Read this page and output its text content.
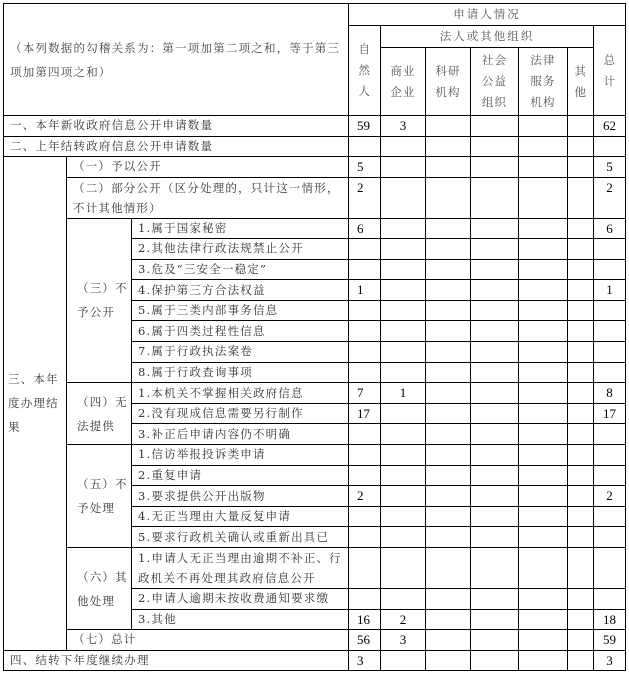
（本列数据的勾稽关系为：第一项加第二项之和，等于第三项加第四项之和）			申请人情况						

			自然人	法人或其他组织					总计

				商业企业	科研机构	社会公益组织	法律服务机构	其他	

一、本年新收政府信息公开申请数量			59	3					62
二、上年结转政府信息公开申请数量									
三、本年度办理结果	（一）予以公开		5						5
	（二）部分公开（区分处理的，只计这一情形，不计其他情形）		2						2
	（三）不予公开	1.属于国家秘密	6						6
		2.其他法律行政法规禁止公开							
		3.危及“三安全一稳定”							
		4.保护第三方合法权益	1						1
		5.属于三类内部事务信息							
		6.属于四类过程性信息							
		7.属于行政执法案卷							
		8.属于行政查询事项							
	（四）无法提供	1.本机关不掌握相关政府信息	7	1					8
		2.没有现成信息需要另行制作	17						17
		3.补正后申请内容仍不明确							
	（五）不予处理	1.信访举报投诉类申请							
		2.重复申请							
		3.要求提供公开出版物	2						2
		4.无正当理由大量反复申请							
		5.要求行政机关确认或重新出具已							
	（六）其他处理	1.申请人无正当理由逾期不补正、行政机关不再处理其政府信息公开							
		2.申请人逾期未按收费通知要求缴							
		3.其他	16	2					18
	（七）总计		56	3					59
四、结转下年度继续办理			3						3
